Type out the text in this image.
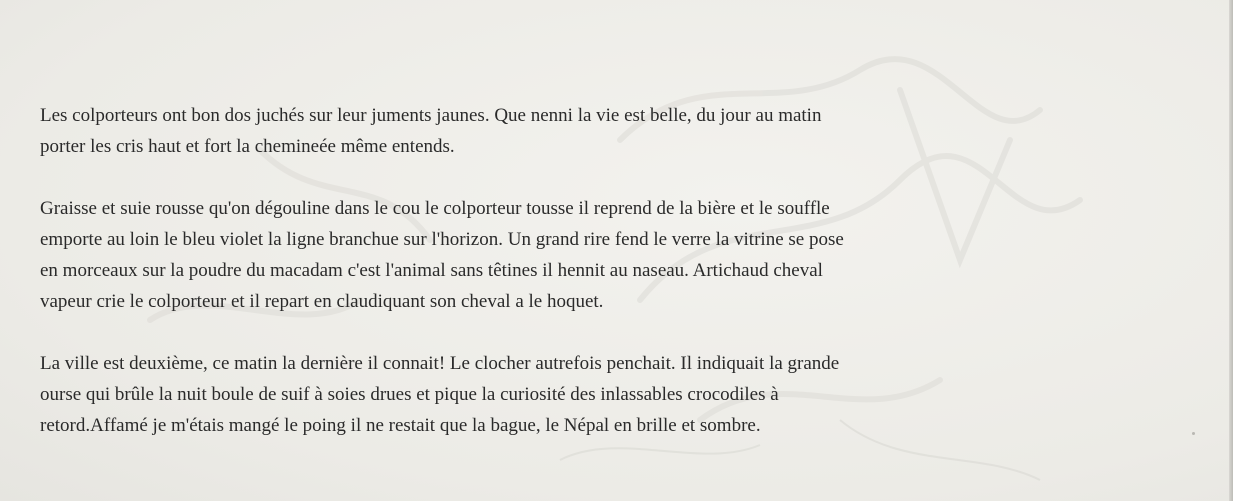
Les colporteurs ont bon dos juchés sur leur juments jaunes. Que nenni la vie est belle, du jour au matin
porter les cris haut et fort la chemineée même entends.

Graisse et suie rousse qu'on dégouline dans le cou le colporteur tousse il reprend de la bière et le souffle
emporte au loin le bleu violet la ligne branchue sur l'horizon. Un grand rire fend le verre la vitrine se pose
en morceaux sur la poudre du macadam c'est l'animal sans têtines il hennit au naseau. Artichaud cheval
vapeur crie le colporteur et il repart en claudiquant son cheval a le hoquet.

La ville est deuxième, ce matin la dernière il connait! Le clocher autrefois penchait. Il indiquait la grande
ourse qui brûle la nuit boule de suif à soies drues et pique la curiosité des inlassables crocodiles à
retord.Affamé je m'étais mangé le poing il ne restait que la bague, le Népal en brille et sombre.
